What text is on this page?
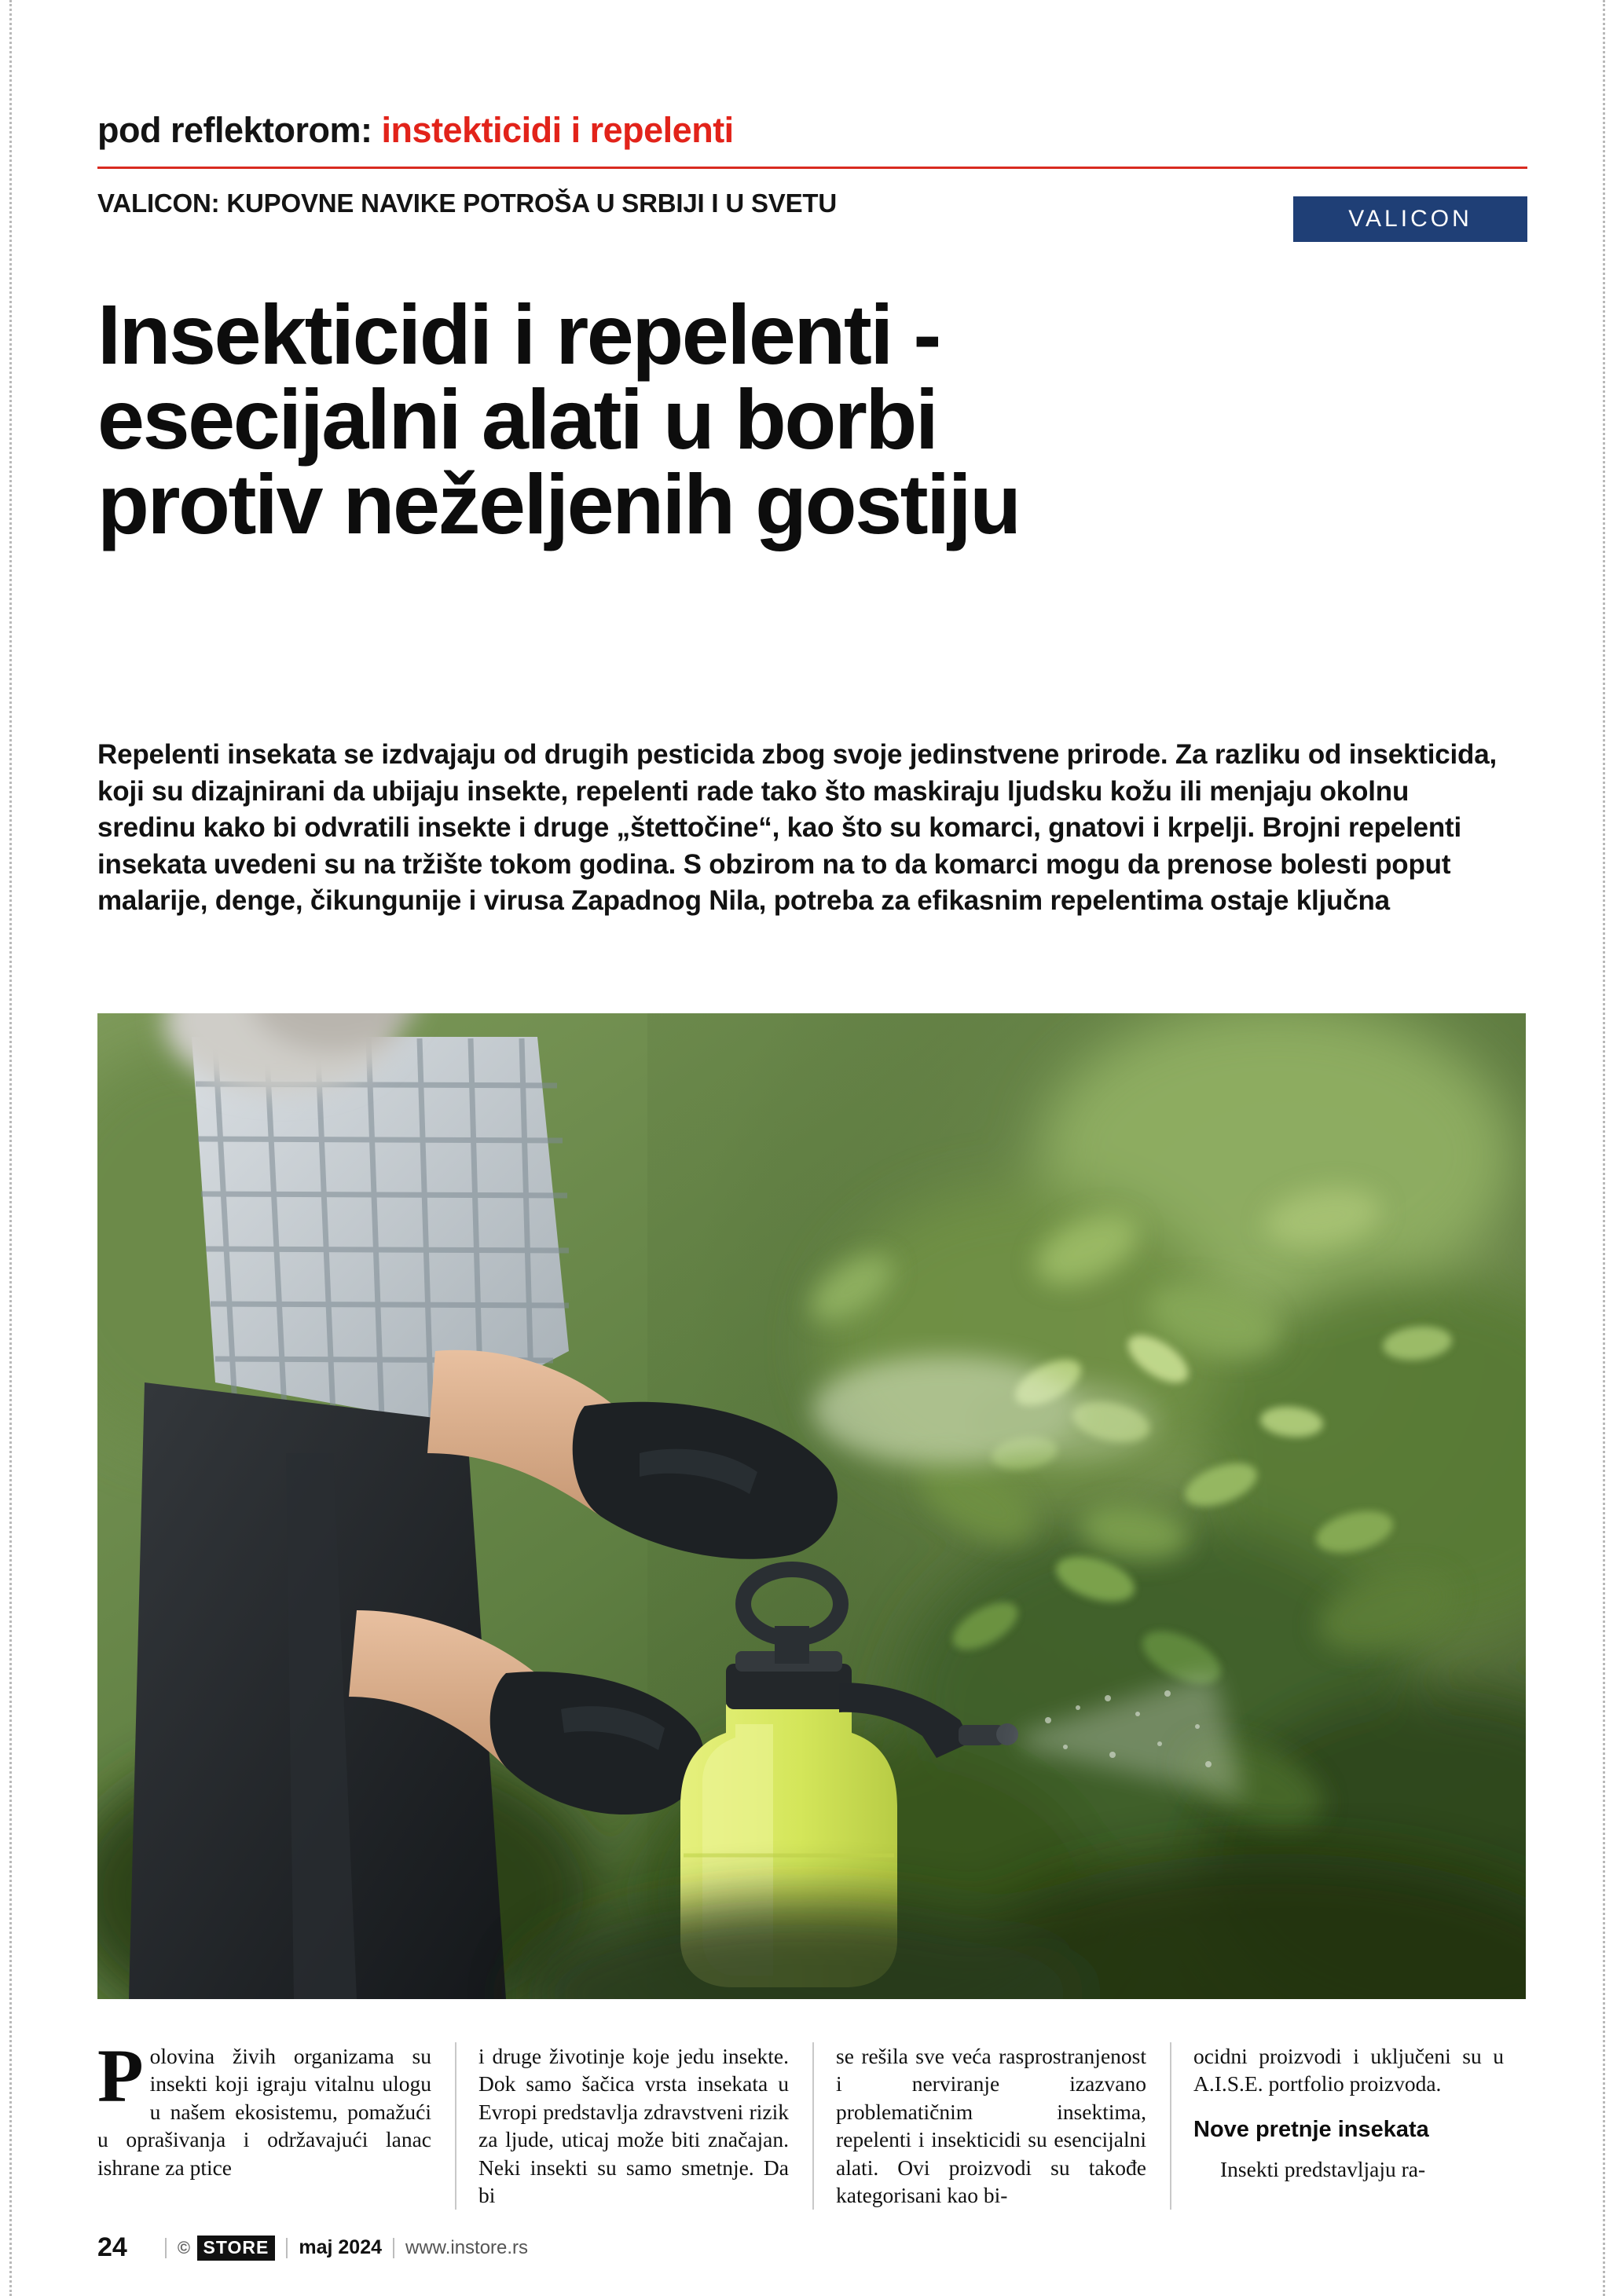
pod reflektorom: instekticidi i repelenti
VALICON: KUPOVNE NAVIKE POTROŠA U SRBIJI I U SVETU
VALICON
Insekticidi i repelenti -
esecijalni alati u borbi
protiv neželjenih gostiju
Repelenti insekata se izdvajaju od drugih pesticida zbog svoje jedinstvene prirode. Za razliku od insekticida, koji su dizajnirani da ubijaju insekte, repelenti rade tako što maskiraju ljudsku kožu ili menjaju okolnu sredinu kako bi odvratili insekte i druge „štettočine“, kao što su komarci, gnatovi i krpelji. Brojni repelenti insekata uvedeni su na tržište tokom godina. S obzirom na to da komarci mogu da prenose bolesti poput malarije, denge, čikungunije i virusa Zapadnog Nila, potreba za efikasnim repelentima ostaje ključna

Polovina živih organizama su insekti koji igraju vitalnu ulogu u našem ekosistemu, pomažući u oprašivanja i održavajući lanac ishrane za ptice

i druge životinje koje jedu insekte. Dok samo šačica vrsta insekata u Evropi predstavlja zdravstveni rizik za ljude, uticaj može biti značajan. Neki insekti su samo smetnje. Da bi

se rešila sve veća rasprostranjenost i nerviranje izazvano problematičnim insektima, repelenti i insekticidi su esencijalni alati. Ovi proizvodi su takođe kategorisani kao bi-

ocidni proizvodi i uključeni su u A.I.S.E. portfolio proizvoda.

Nove pretnje insekata

Insekti predstavljaju ra-

24	© STORE	maj 2024 www.instore.rs
